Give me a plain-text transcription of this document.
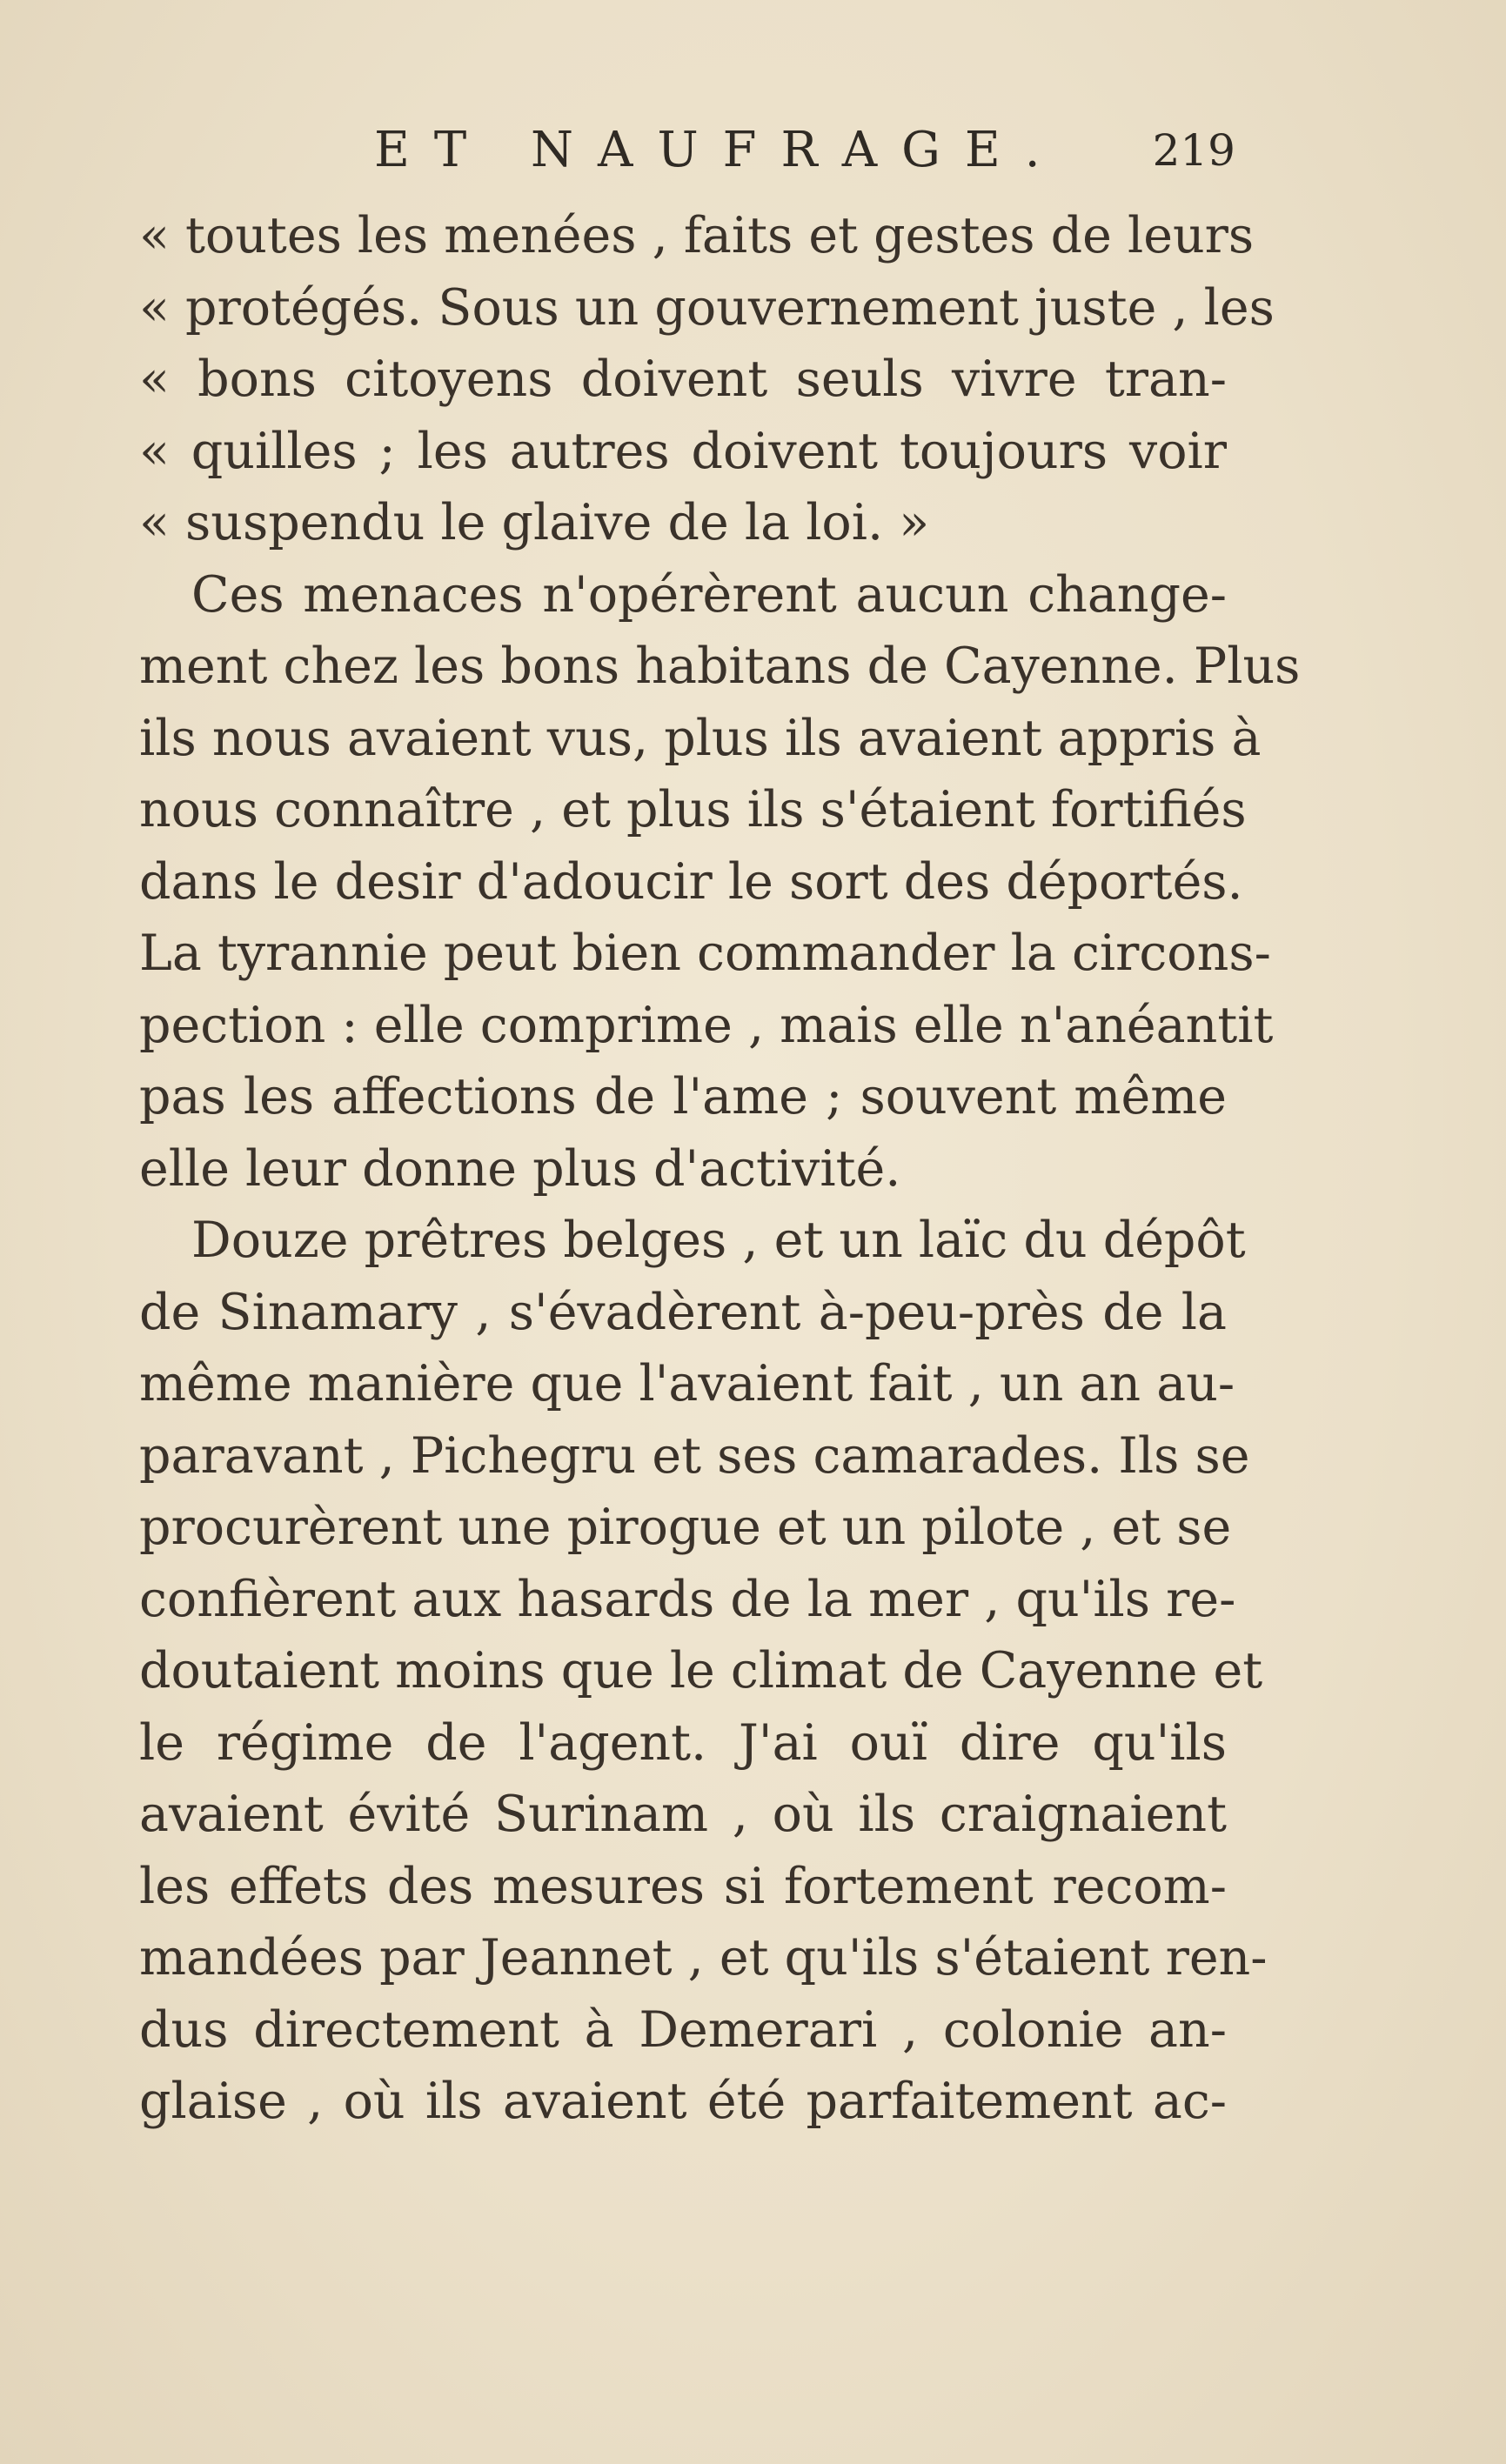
ET NAUFRAGE. 219
« toutes les menées , faits et gestes de leurs
« protégés. Sous un gouvernement juste , les
« bons citoyens doivent seuls vivre tran-
« quilles ; les autres doivent toujours voir
« suspendu le glaive de la loi. »
Ces menaces n'opérèrent aucun change-
ment chez les bons habitans de Cayenne. Plus
ils nous avaient vus, plus ils avaient appris à
nous connaître , et plus ils s'étaient fortifiés
dans le desir d'adoucir le sort des déportés.
La tyrannie peut bien commander la circons-
pection : elle comprime , mais elle n'anéantit
pas les affections de l'ame ; souvent même
elle leur donne plus d'activité.
Douze prêtres belges , et un laïc du dépôt
de Sinamary , s'évadèrent à-peu-près de la
même manière que l'avaient fait , un an au-
paravant , Pichegru et ses camarades. Ils se
procurèrent une pirogue et un pilote , et se
confièrent aux hasards de la mer , qu'ils re-
doutaient moins que le climat de Cayenne et
le régime de l'agent. J'ai ouï dire qu'ils
avaient évité Surinam , où ils craignaient
les effets des mesures si fortement recom-
mandées par Jeannet , et qu'ils s'étaient ren-
dus directement à Demerari , colonie an-
glaise , où ils avaient été parfaitement ac-
